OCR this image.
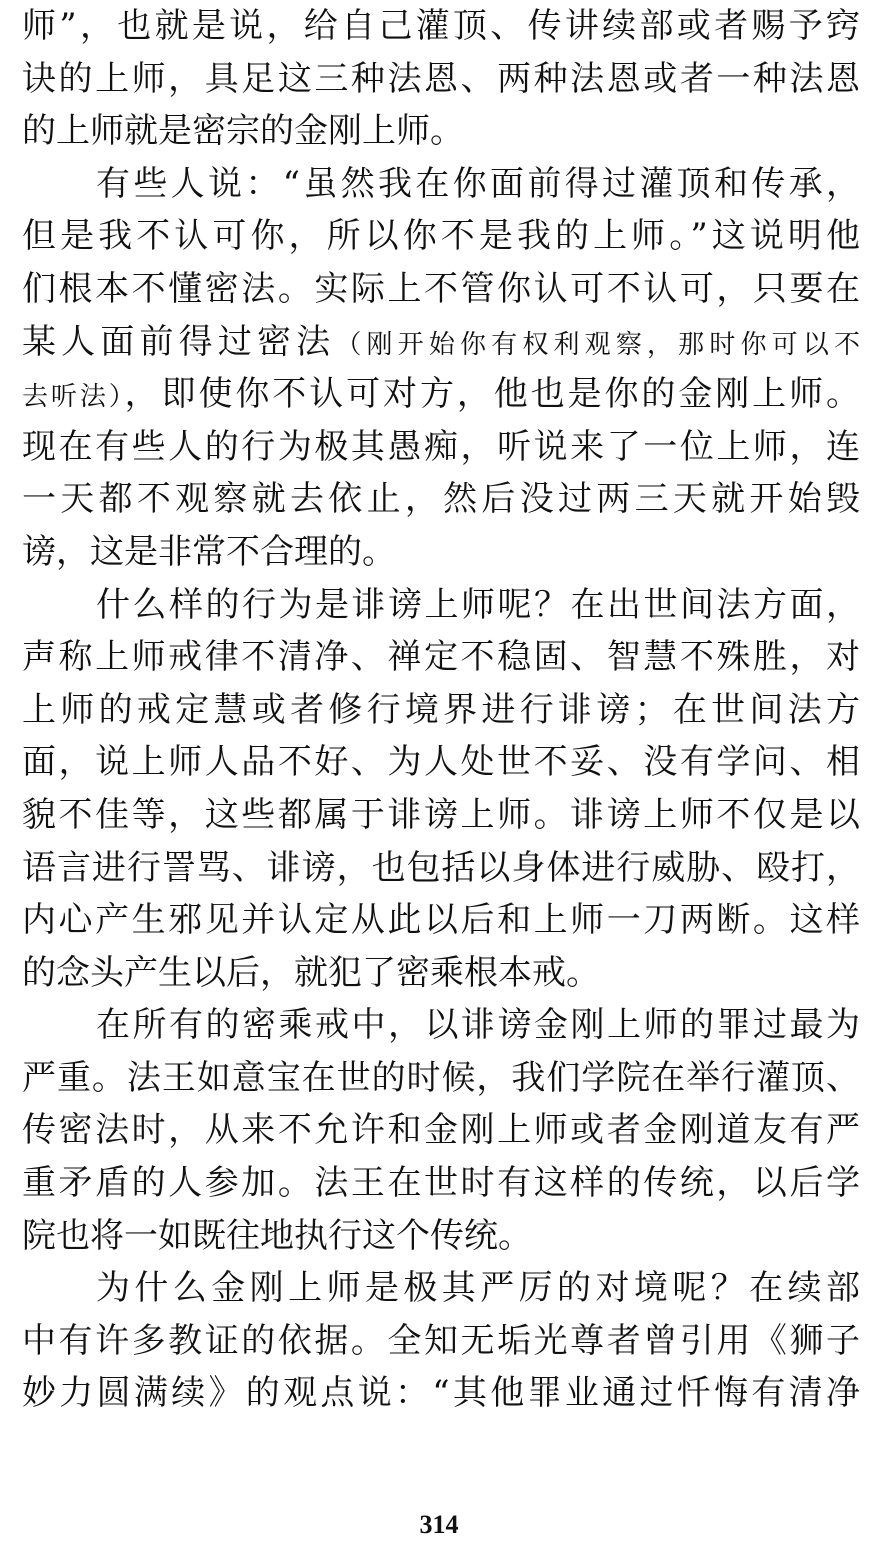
师”，也就是说，给自己灌顶、传讲续部或者赐予窍
诀的上师，具足这三种法恩、两种法恩或者一种法恩
的上师就是密宗的金刚上师。
有些人说：“虽然我在你面前得过灌顶和传承，
但是我不认可你，所以你不是我的上师。”这说明他
们根本不懂密法。实际上不管你认可不认可，只要在
某人面前得过密法（刚开始你有权利观察，那时你可以不
去听法），即使你不认可对方，他也是你的金刚上师。
现在有些人的行为极其愚痴，听说来了一位上师，连
一天都不观察就去依止，然后没过两三天就开始毁
谤，这是非常不合理的。
什么样的行为是诽谤上师呢？在出世间法方面，
声称上师戒律不清净、禅定不稳固、智慧不殊胜，对
上师的戒定慧或者修行境界进行诽谤；在世间法方
面，说上师人品不好、为人处世不妥、没有学问、相
貌不佳等，这些都属于诽谤上师。诽谤上师不仅是以
语言进行詈骂、诽谤，也包括以身体进行威胁、殴打，
内心产生邪见并认定从此以后和上师一刀两断。这样
的念头产生以后，就犯了密乘根本戒。
在所有的密乘戒中，以诽谤金刚上师的罪过最为
严重。法王如意宝在世的时候，我们学院在举行灌顶、
传密法时，从来不允许和金刚上师或者金刚道友有严
重矛盾的人参加。法王在世时有这样的传统，以后学
院也将一如既往地执行这个传统。
为什么金刚上师是极其严厉的对境呢？在续部
中有许多教证的依据。全知无垢光尊者曾引用《狮子
妙力圆满续》的观点说：“其他罪业通过忏悔有清净
314
